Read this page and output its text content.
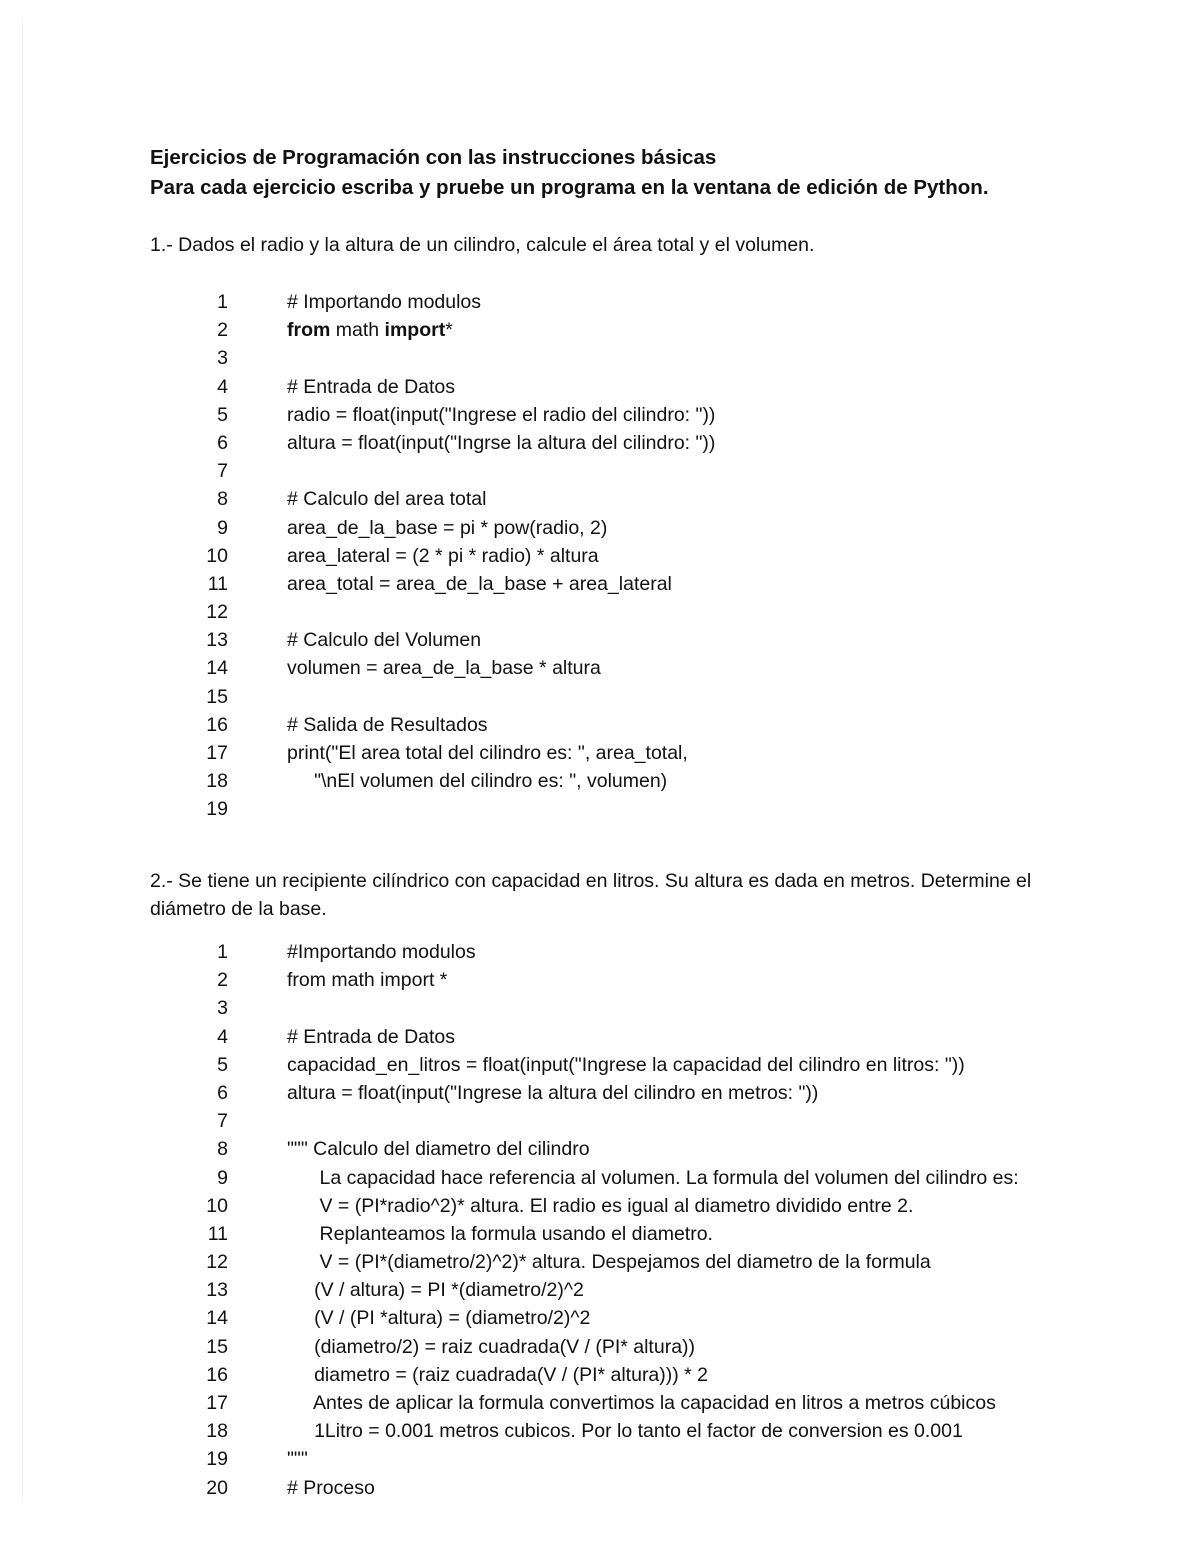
Ejercicios de Programación con las instrucciones básicas
Para cada ejercicio escriba y pruebe un programa en la ventana de edición de Python.
1.- Dados el radio y la altura de un cilindro, calcule el área total y el volumen.
1	# Importando modulos
2	from math import*
3
4	# Entrada de Datos
5	radio = float(input("Ingrese el radio del cilindro: "))
6	altura = float(input("Ingrse la altura del cilindro: "))
7
8	# Calculo del area total
9	area_de_la_base = pi * pow(radio, 2)
10	area_lateral = (2 * pi * radio) * altura
11	area_total = area_de_la_base + area_lateral
12
13	# Calculo del Volumen
14	volumen = area_de_la_base * altura
15
16	# Salida de Resultados
17	print("El area total del cilindro es: ", area_total,
18	"\nEl volumen del cilindro es: ", volumen)
19
2.- Se tiene un recipiente cilíndrico con capacidad en litros. Su altura es dada en metros. Determine el diámetro de la base.
1	#Importando modulos
2	from math import *
3
4	# Entrada de Datos
5	capacidad_en_litros = float(input("Ingrese la capacidad del cilindro en litros: "))
6	altura = float(input("Ingrese la altura del cilindro en metros: "))
7
8	""" Calculo del diametro del cilindro
9	La capacidad hace referencia al volumen. La formula del volumen del cilindro es:
10	V = (PI*radio^2)* altura. El radio es igual al diametro dividido entre 2.
11	Replanteamos la formula usando el diametro.
12	V = (PI*(diametro/2)^2)* altura. Despejamos del diametro de la formula
13	(V / altura) = PI *(diametro/2)^2
14	(V / (PI *altura) = (diametro/2)^2
15	(diametro/2) = raiz cuadrada(V / (PI* altura))
16	diametro = (raiz cuadrada(V / (PI* altura))) * 2
17	Antes de aplicar la formula convertimos la capacidad en litros a metros cúbicos
18	1Litro = 0.001 metros cubicos. Por lo tanto el factor de conversion es 0.001
19	"""
20	# Proceso
